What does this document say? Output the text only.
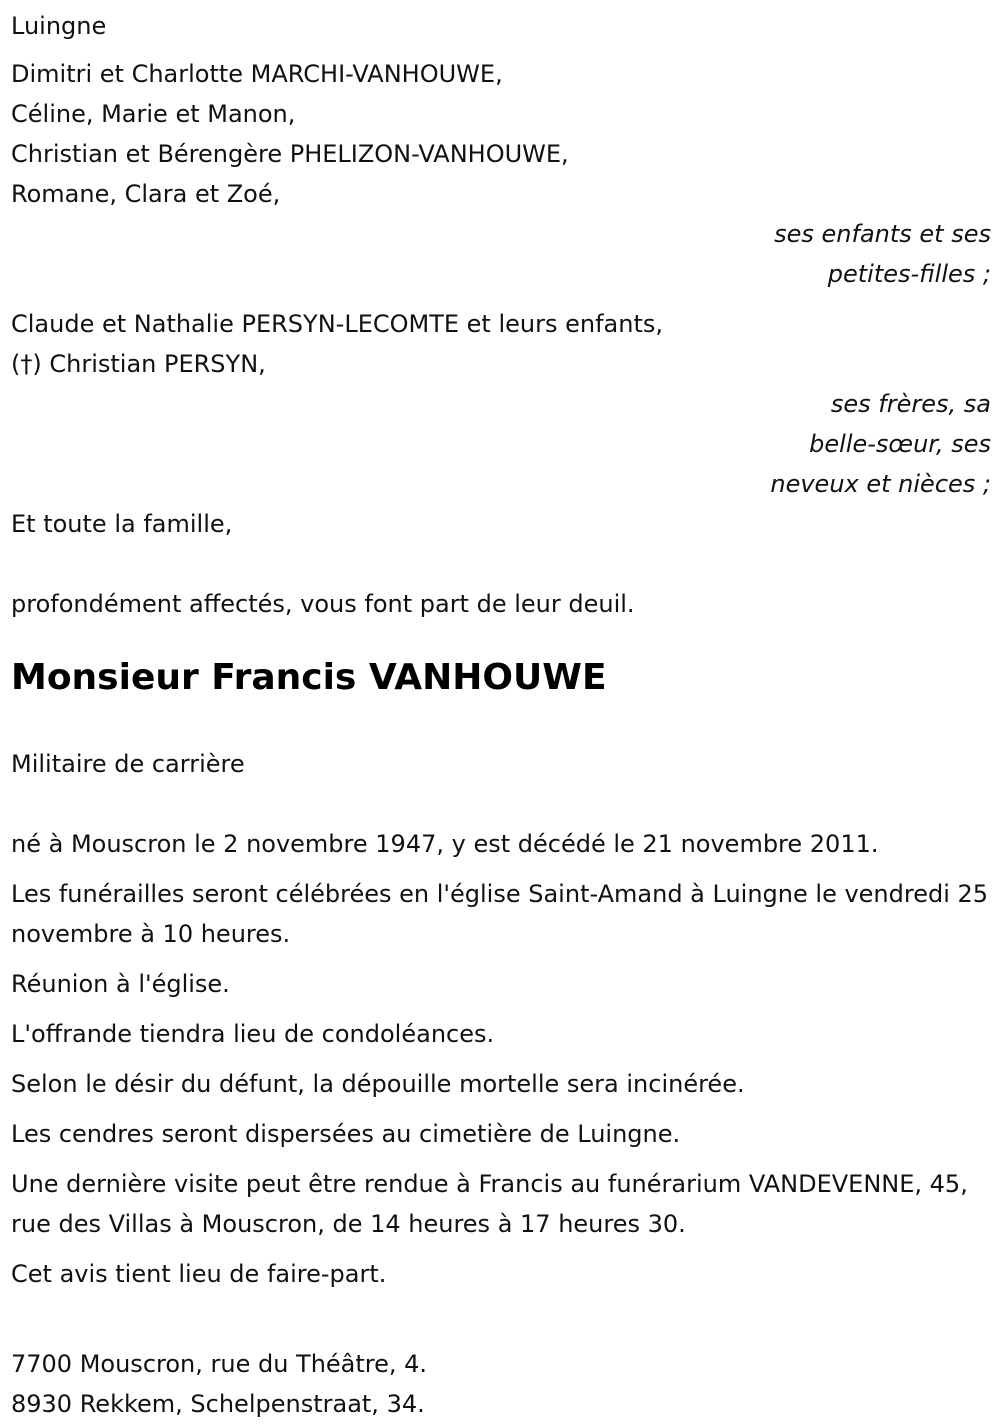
Luingne
Dimitri et Charlotte MARCHI-VANHOUWE,
Céline, Marie et Manon,
Christian et Bérengère PHELIZON-VANHOUWE,
Romane, Clara et Zoé,
ses enfants et ses
petites-filles ;
Claude et Nathalie PERSYN-LECOMTE et leurs enfants,
(†) Christian PERSYN,
ses frères, sa
belle-sœur, ses
neveux et nièces ;
Et toute la famille,
profondément affectés, vous font part de leur deuil.
Monsieur Francis VANHOUWE
Militaire de carrière
né à Mouscron le 2 novembre 1947, y est décédé le 21 novembre 2011.
Les funérailles seront célébrées en l'église Saint-Amand à Luingne le vendredi 25 novembre à 10 heures.
Réunion à l'église.
L'offrande tiendra lieu de condoléances.
Selon le désir du défunt, la dépouille mortelle sera incinérée.
Les cendres seront dispersées au cimetière de Luingne.
Une dernière visite peut être rendue à Francis au funérarium VANDEVENNE, 45, rue des Villas à Mouscron, de 14 heures à 17 heures 30.
Cet avis tient lieu de faire-part.
7700 Mouscron, rue du Théâtre, 4.
8930 Rekkem, Schelpenstraat, 34.
